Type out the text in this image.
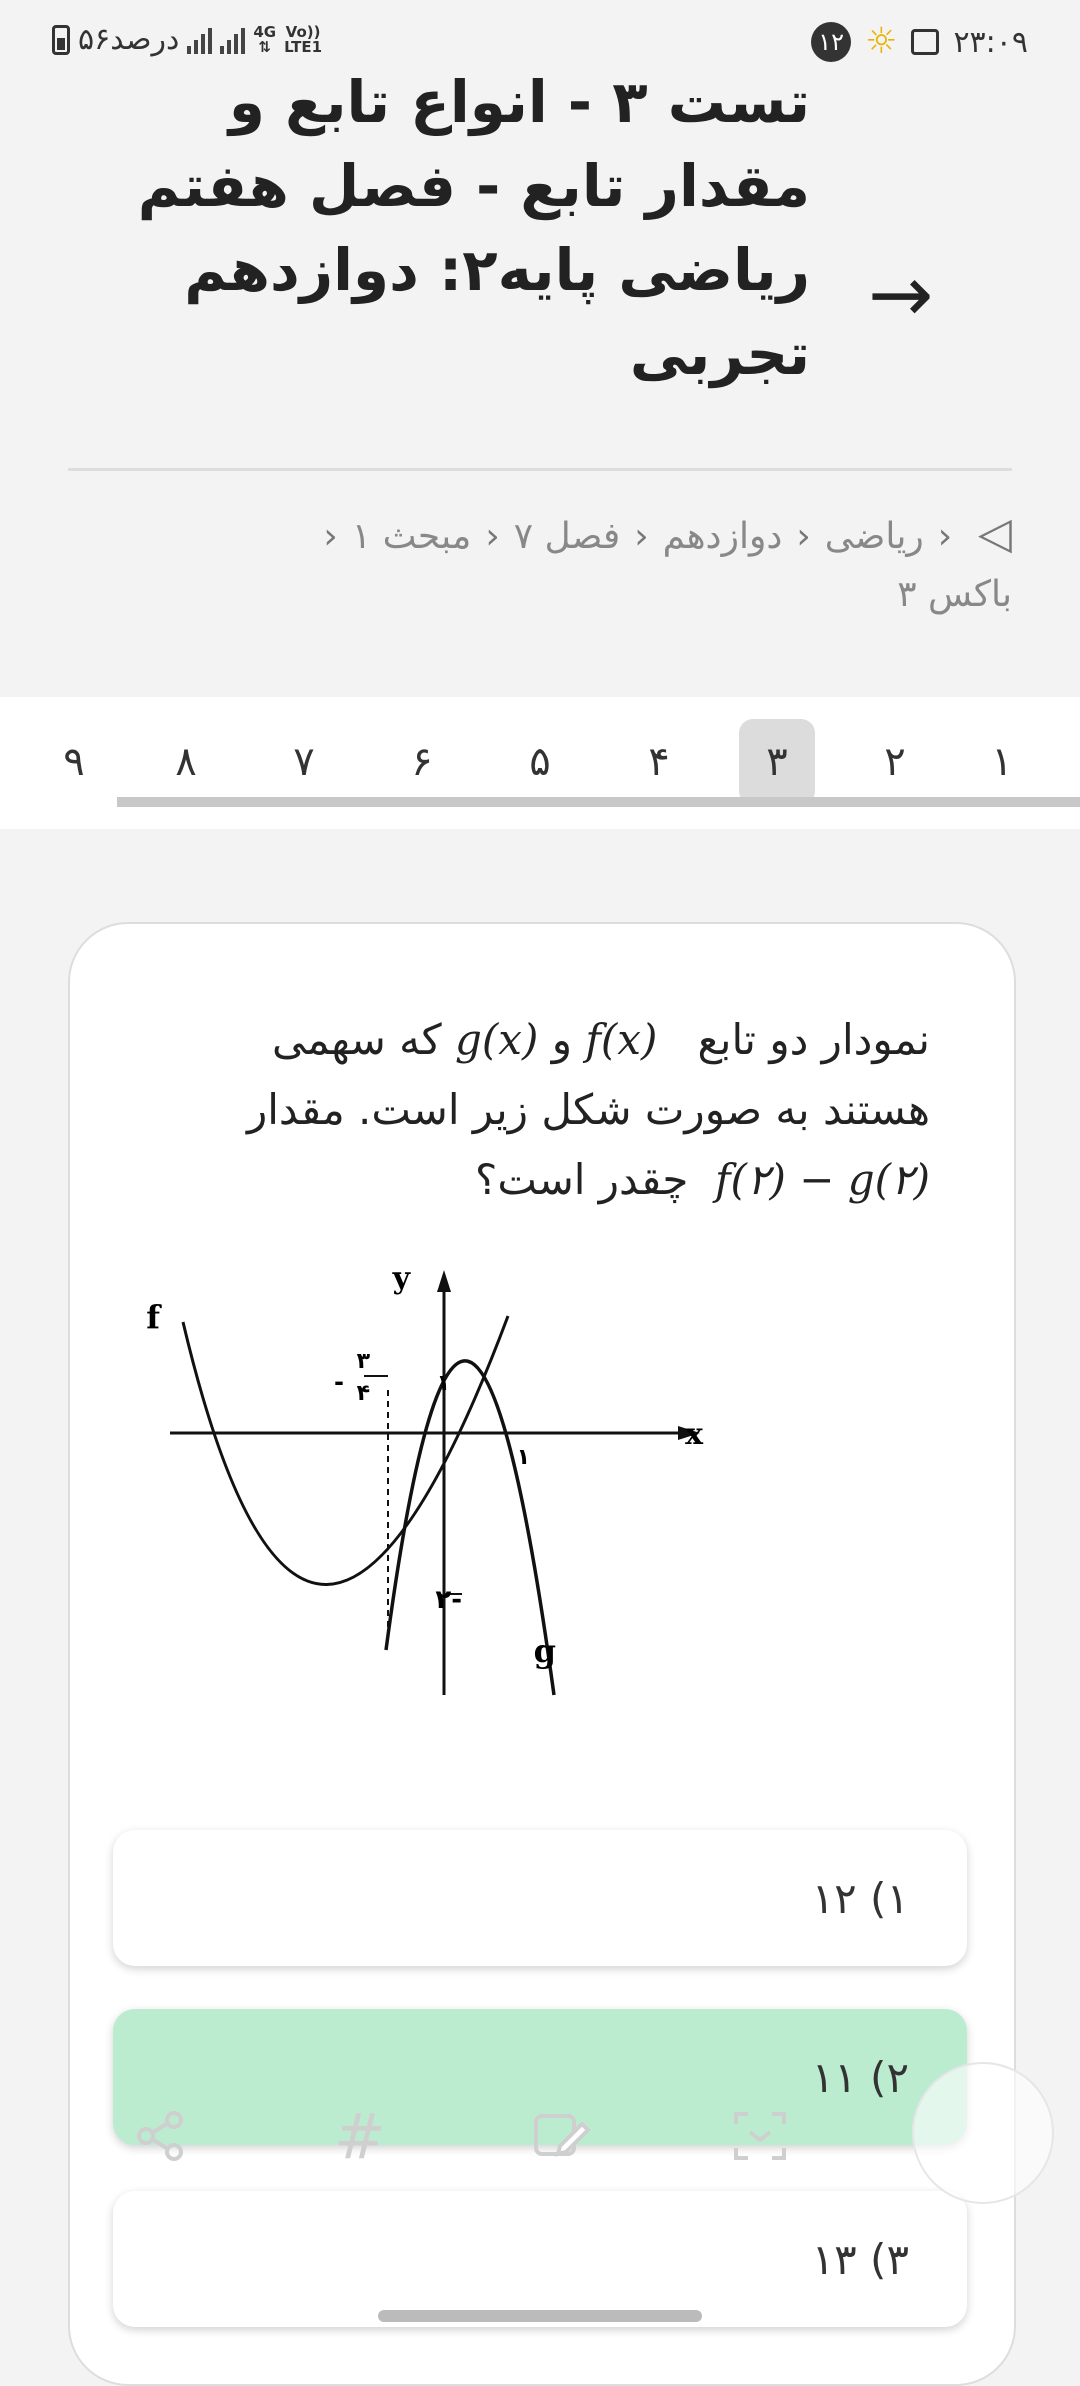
۵۶درصد	4G
⇅
Vo))
LTE1	۱۲ ☼ ۲۳:۰۹
تست ۳ - انواع تابع و
مقدار تابع - فصل هفتم
ریاضی پایه۲: دوازدهم
تجربی
→
◁‹ریاضی‹دوازدهم‹فصل ۷‹مبحث ۱‹
باکس ۳
۱
۲
۳
۴
۵
۶
۷
۸
۹
نمودار دو تابع   f(x) و g(x) که سهمی هستند به صورت شکل زیر است. مقدار f(۲) − g(۲)  چقدر است؟
y
x
f
g
-
۳
۴	۱
۱
-۲
۱) ۱۲
۲) ۱۱
۳) ۱۳
#
